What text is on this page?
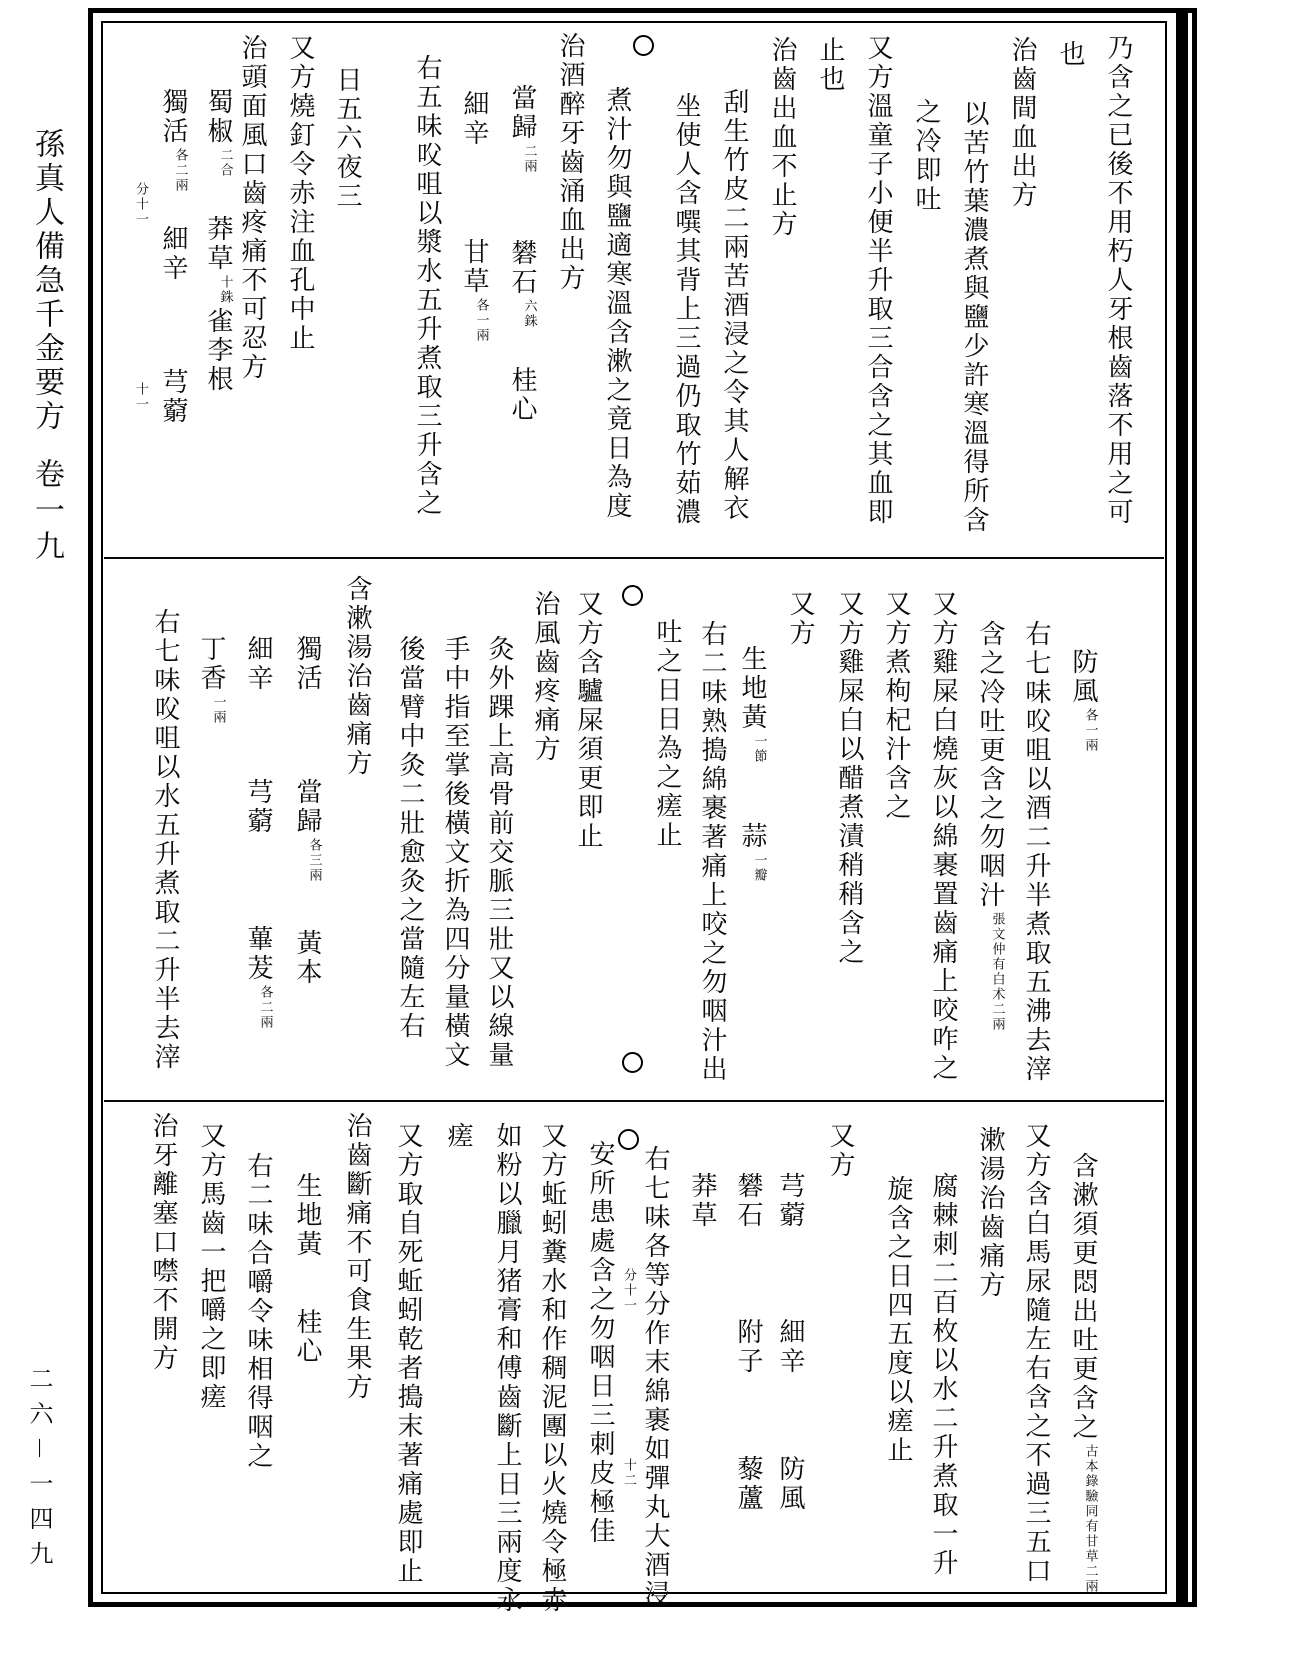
孫真人備急千金要方
卷一九
二六－一四九
乃含之已後不用朽人牙根齒落不用之可
也
治齒間血出方
以苦竹葉濃煮與鹽少許寒溫得所含
之冷即吐
又方溫童子小便半升取三合含之其血即
止也
治齒出血不止方
刮生竹皮二兩苦酒浸之令其人解衣
坐使人含噀其背上三過仍取竹茹濃
煮汁勿與鹽適寒溫含漱之竟日為度
治酒醉牙齒涌血出方
當歸二兩礬石六銖桂心
細辛甘草各一兩
右五味㕮咀以漿水五升煮取三升含之
日五六夜三
又方燒釘令赤注血孔中止
治頭面風口齒疼痛不可忍方
蜀椒二合莽草十銖雀李根
獨活各二兩細辛芎藭
分十一十一
防風各一兩
右七味㕮咀以酒二升半煮取五沸去滓
含之冷吐更含之勿咽汁張文仲有白术二兩
又方雞屎白燒灰以綿裹置齒痛上咬咋之
又方煮枸杞汁含之
又方雞屎白以醋煮漬稍稍含之
又方
生地黃一節蒜一瓣
右二味熟搗綿裹著痛上咬之勿咽汁出
吐之日日為之瘥止
又方含驢屎須更即止
治風齒疼痛方
灸外踝上高骨前交脈三壯又以線量
手中指至掌後橫文折為四分量橫文
後當臂中灸二壯愈灸之當隨左右
含漱湯治齒痛方
獨活當歸各三兩黃本
細辛芎藭蓽茇各二兩
丁香一兩
右七味㕮咀以水五升煮取二升半去滓
含漱須更悶出吐更含之古本錄驗同有甘草二兩
又方含白馬尿隨左右含之不過三五口
漱湯治齒痛方
腐棘刺二百枚以水二升煮取一升
旋含之日四五度以瘥止
又方
芎藭細辛防風
礬石附子藜蘆
莽草
右七味各等分作末綿裹如彈丸大酒浸
分十一十二
安所患處含之勿咽日三刺皮極佳
又方蚯蚓糞水和作稠泥團以火燒令極赤
如粉以臘月猪膏和傅齒斷上日三兩度永
瘥
又方取自死蚯蚓乾者搗末著痛處即止
治齒斷痛不可食生果方
生地黃桂心
右二味合嚼令味相得咽之
又方馬齒一把嚼之即瘥
治牙離塞口噤不開方
